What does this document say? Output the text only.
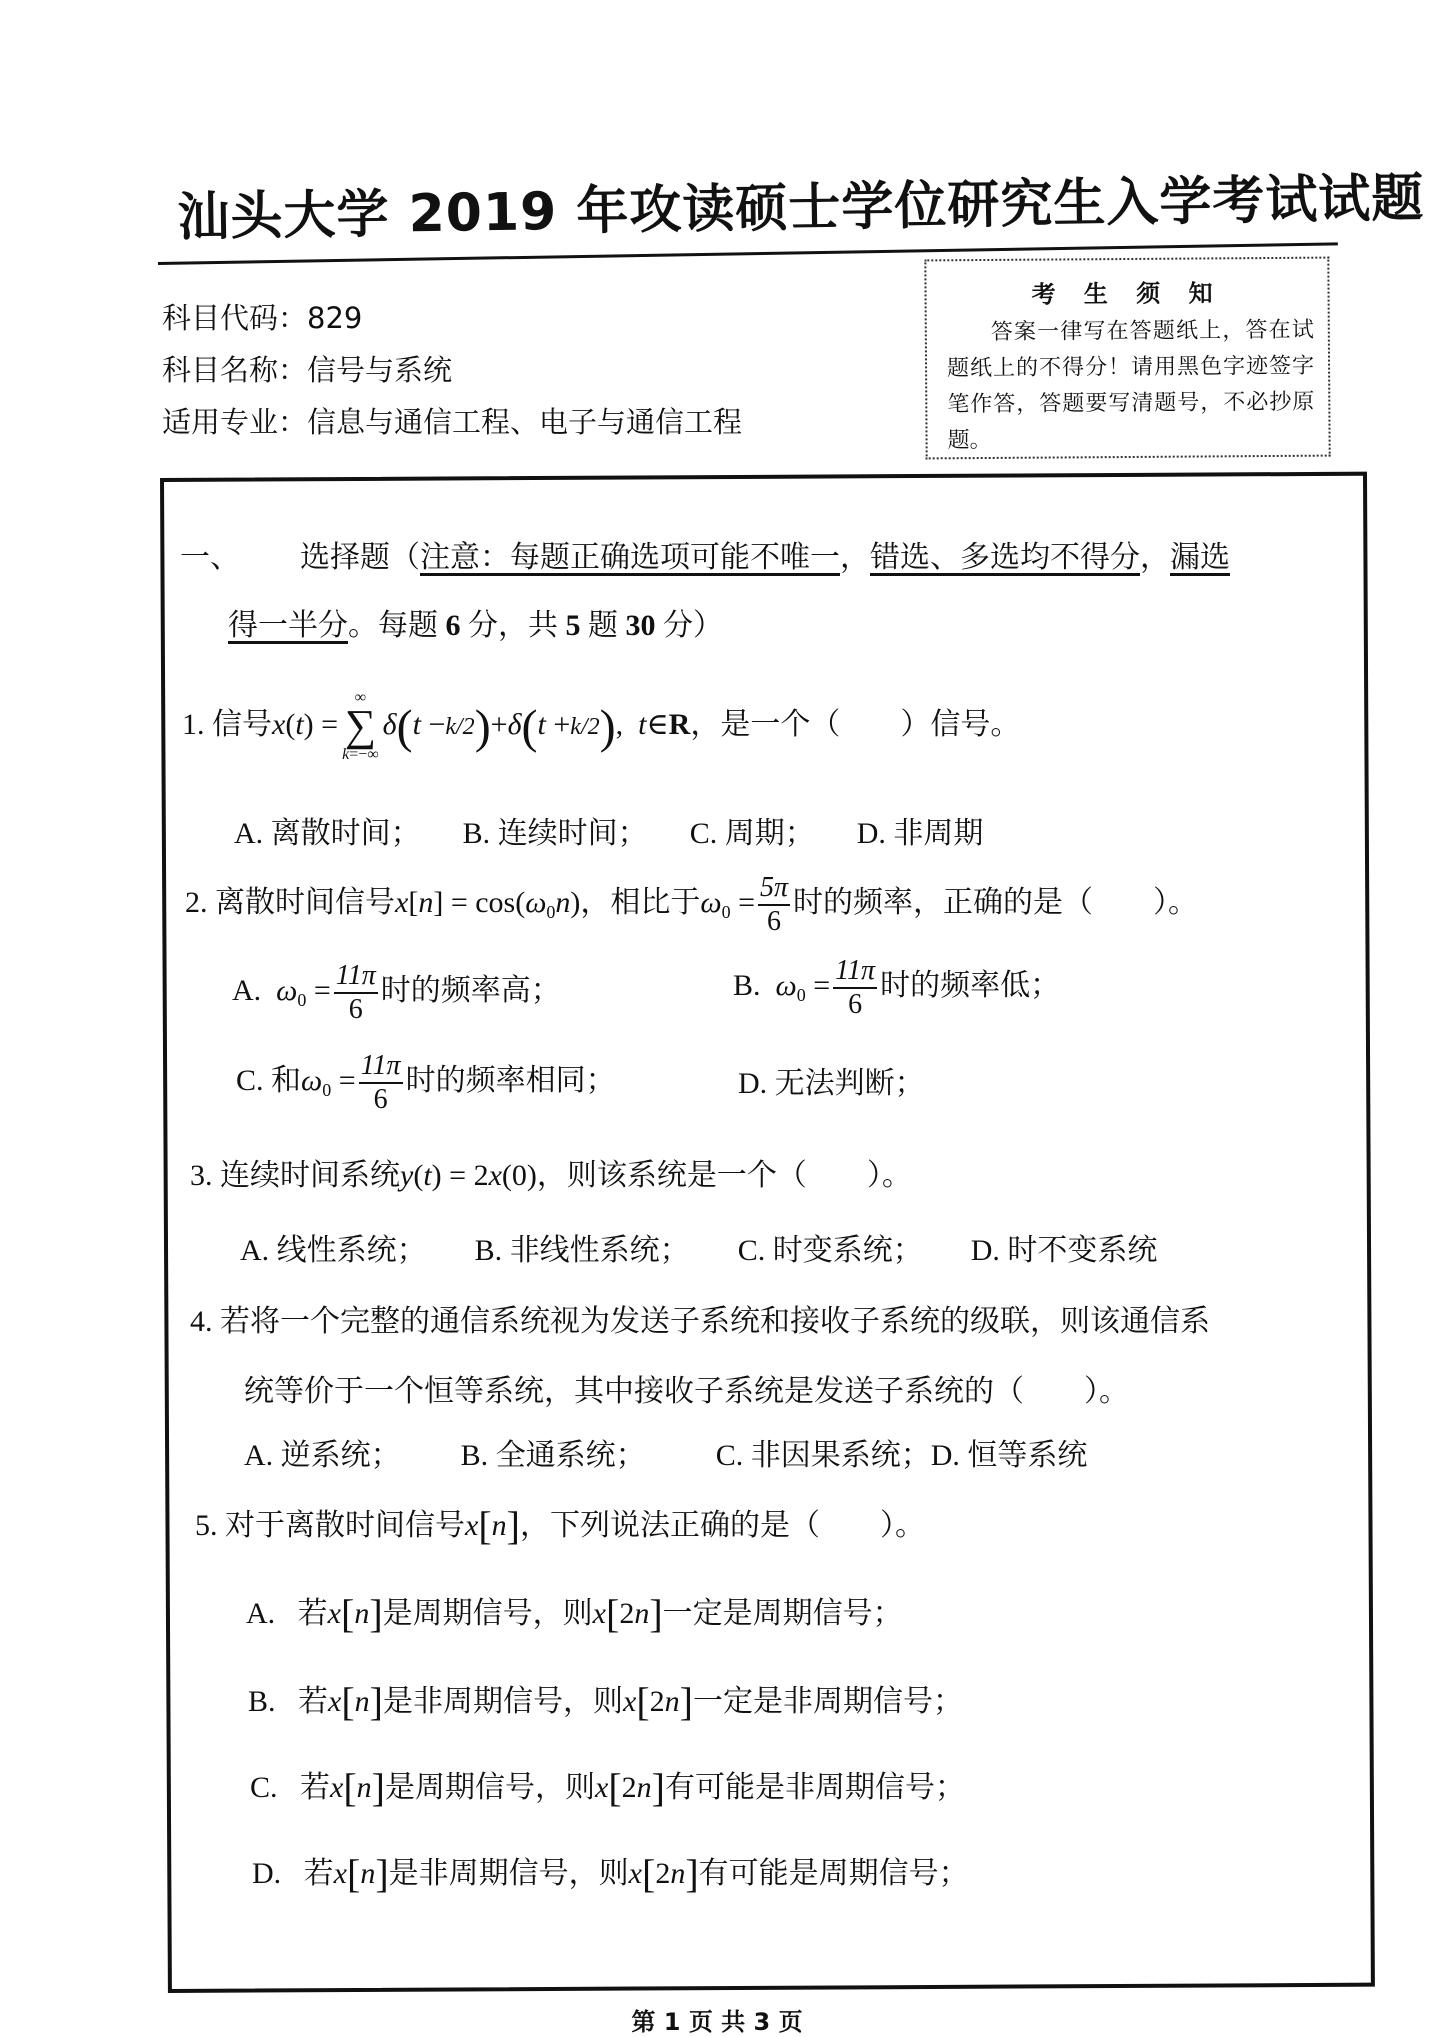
汕头大学 2019 年攻读硕士学位研究生入学考试试题
科目代码：829
科目名称：信号与系统
适用专业：信息与通信工程、电子与通信工程
考 生 须 知
答案一律写在答题纸上，答在试题纸上的不得分！请用黑色字迹签字笔作答，答题要写清题号，不必抄原题。
一、 选择题（注意：每题正确选项可能不唯一，错选、多选均不得分，漏选
得一半分。每题 6 分，共 5 题 30 分）
1. 信号x(t) =
∞
∑
k=−∞
δ(t −k/2)+δ(t +k/2), t∈R，是一个（　　）信号。
A. 离散时间； B. 连续时间； C. 周期； D. 非周期
2. 离散时间信号$x[n] = \cos(\omega_0n)$，相比于$\omega_0 = \frac{5\pi}{6}$ 时的频率，正确的是（　　）。
A. $\omega_0 = \frac{11\pi}{6}$ 时的频率高；	B. $\omega_0 = \frac{11\pi}{6}$ 时的频率低；
C. 和$\omega_0 = \frac{11\pi}{6}$ 时的频率相同；	D. 无法判断；
3. 连续时间系统y(t) = 2x(0)，则该系统是一个（　　）。
A. 线性系统； B. 非线性系统； C. 时变系统； D. 时不变系统
4. 若将一个完整的通信系统视为发送子系统和接收子系统的级联，则该通信系
统等价于一个恒等系统，其中接收子系统是发送子系统的（　　）。
A. 逆系统； B. 全通系统； C. 非因果系统；D. 恒等系统
5. 对于离散时间信号x[n]，下列说法正确的是（　　）。
A. 若x[n]是周期信号，则x[2n]一定是周期信号；
B. 若x[n]是非周期信号，则x[2n]一定是非周期信号；
C. 若x[n]是周期信号，则x[2n]有可能是非周期信号；
D. 若x[n]是非周期信号，则x[2n]有可能是周期信号；
第 1 页 共 3 页
